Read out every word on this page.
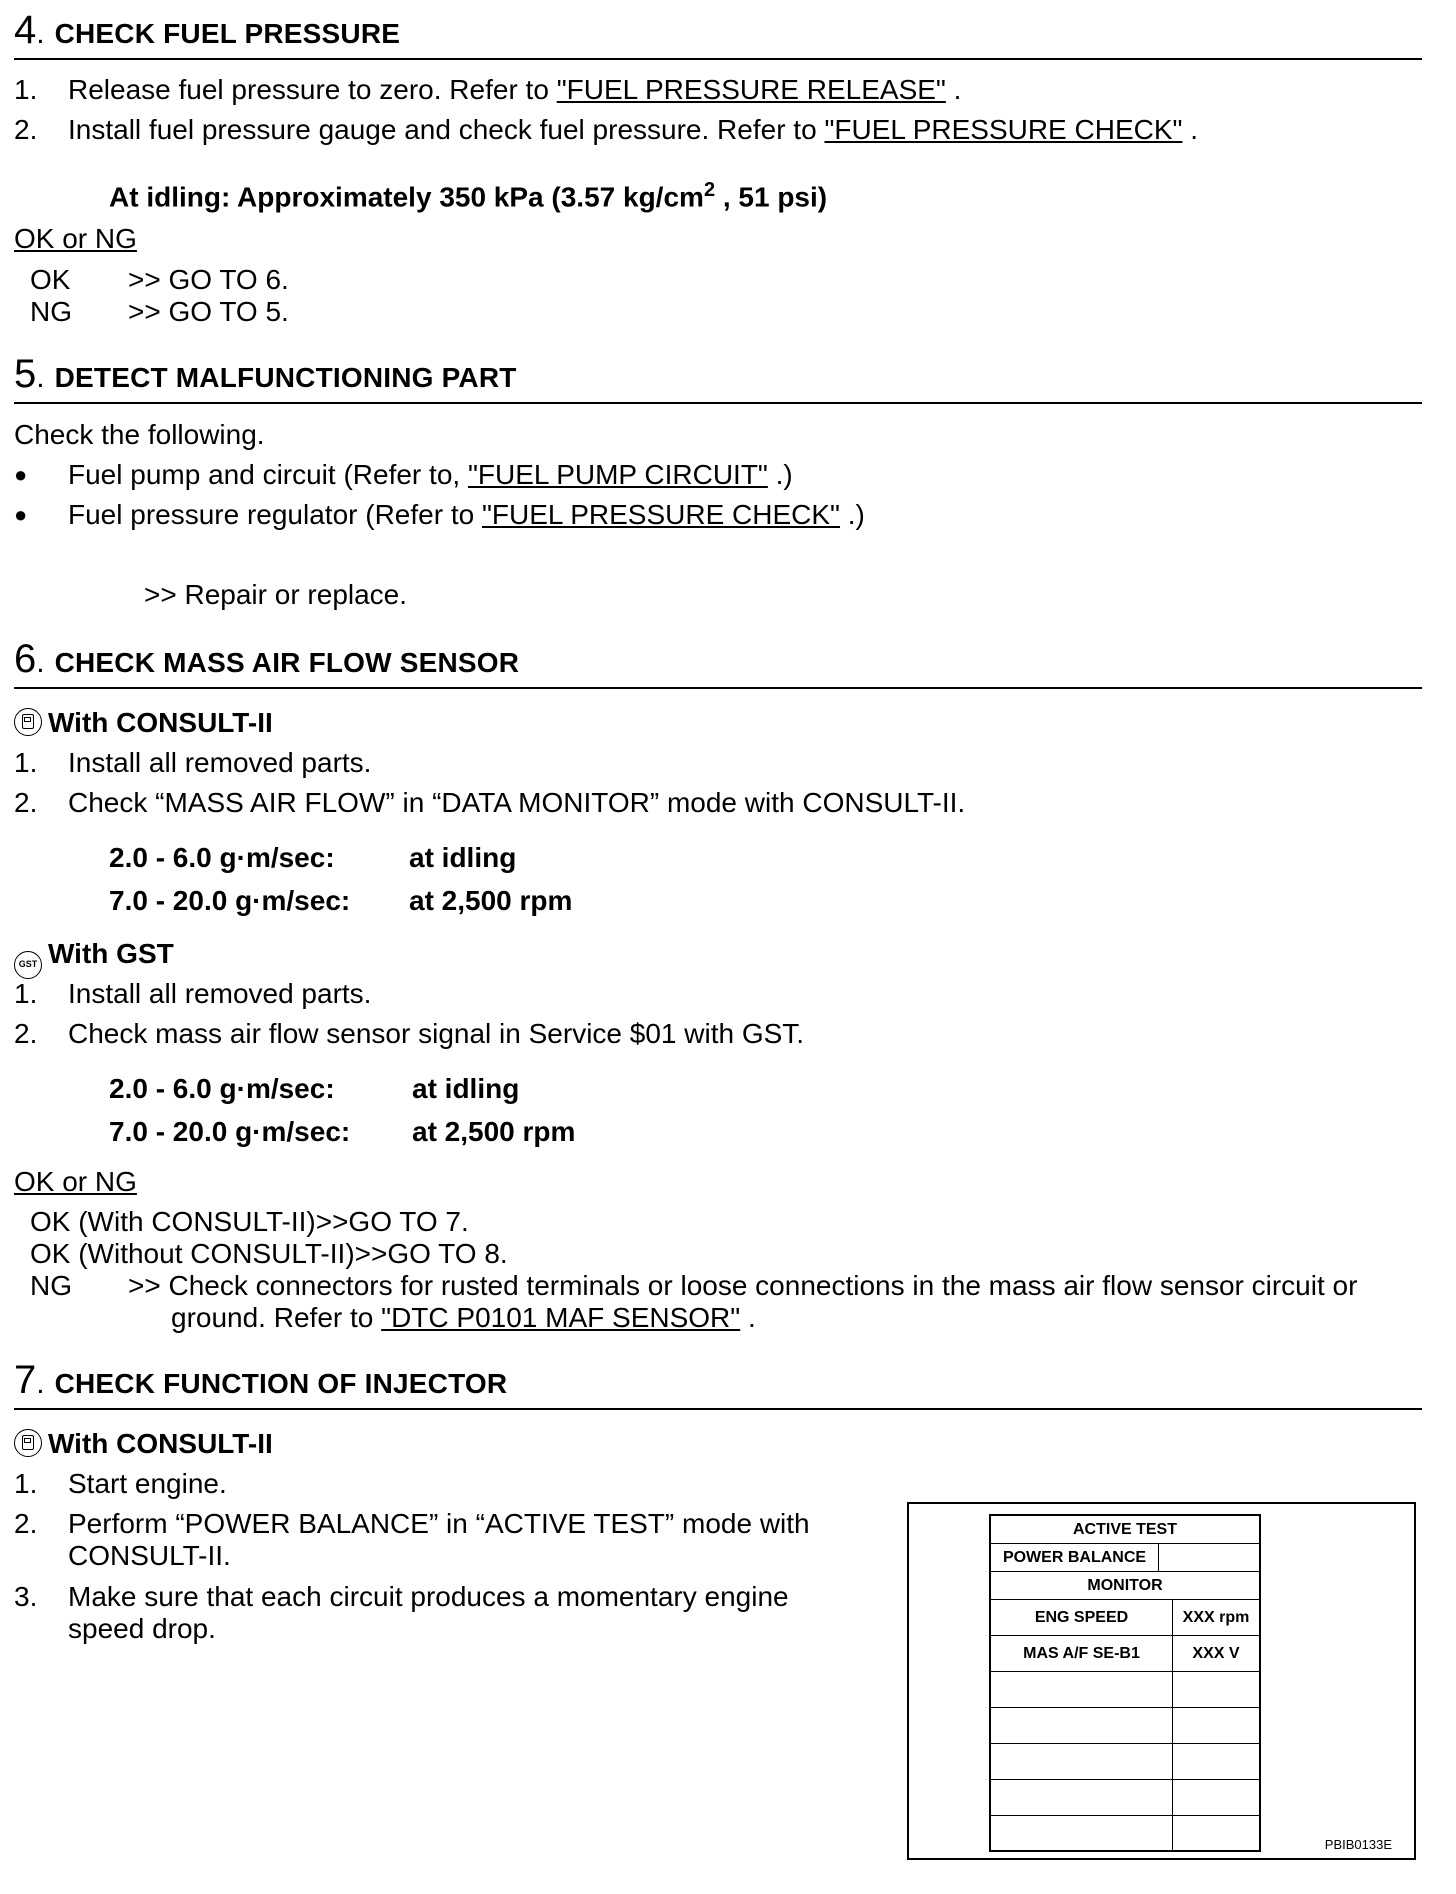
4. CHECK FUEL PRESSURE
1. Release fuel pressure to zero. Refer to "FUEL PRESSURE RELEASE" .
2. Install fuel pressure gauge and check fuel pressure. Refer to "FUEL PRESSURE CHECK" .
At idling: Approximately 350 kPa (3.57 $kg/cm^2$ , 51 psi)
OK or NG
OK >> GO TO 6.
NG >> GO TO 5.
5. DETECT MALFUNCTIONING PART
Check the following.
● Fuel pump and circuit (Refer to, "FUEL PUMP CIRCUIT" .)
● Fuel pressure regulator (Refer to "FUEL PRESSURE CHECK" .)
>> Repair or replace.
6. CHECK MASS AIR FLOW SENSOR
With CONSULT-II
1. Install all removed parts.
2. Check “MASS AIR FLOW” in “DATA MONITOR” mode with CONSULT-II.
2.0 - 6.0 g·m/sec:	at idling
7.0 - 20.0 g·m/sec: at 2,500 rpm
GST With GST
1. Install all removed parts.
2. Check mass air flow sensor signal in Service $01 with GST.
2.0 - 6.0 g·m/sec:	at idling
7.0 - 20.0 g·m/sec: at 2,500 rpm
OK or NG
OK (With CONSULT-II)>>GO TO 7.
OK (Without CONSULT-II)>>GO TO 8.
NG >> Check connectors for rusted terminals or loose connections in the mass air flow sensor circuit or
ground. Refer to "DTC P0101 MAF SENSOR" .
7. CHECK FUNCTION OF INJECTOR
With CONSULT-II
1. Start engine.
2. Perform “POWER BALANCE” in “ACTIVE TEST” mode with
CONSULT-II.
3. Make sure that each circuit produces a momentary engine
speed drop.
ACTIVE TEST
POWER BALANCE
MONITOR
ENG SPEED	XXX rpm
MAS A/F SE-B1	XXX V
PBIB0133E
